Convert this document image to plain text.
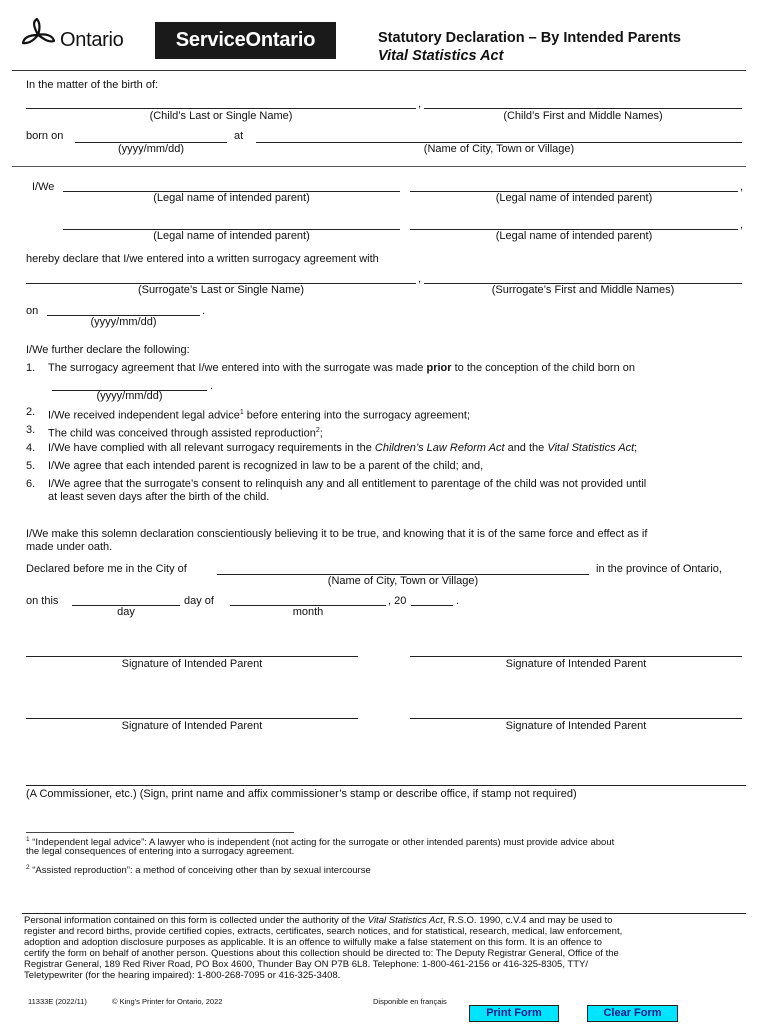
Ontario	ServiceOntario	Statutory Declaration – By Intended Parents
Vital Statistics Act
In the matter of the birth of:
,
(Child’s Last or Single Name)	(Child’s First and Middle Names)
born on	at
(yyyy/mm/dd)	(Name of City, Town or Village)
I/We	,
(Legal name of intended parent)	(Legal name of intended parent)
,
(Legal name of intended parent)	(Legal name of intended parent)
hereby declare that I/we entered into a written surrogacy agreement with
,
(Surrogate’s Last or Single Name)	(Surrogate’s First and Middle Names)
on	.
(yyyy/mm/dd)
I/We further declare the following:
1. The surrogacy agreement that I/we entered into with the surrogate was made prior to the conception of the child born on
.
(yyyy/mm/dd)
2. I/We received independent legal advice$^1$ before entering into the surrogacy agreement;
3. The child was conceived through assisted reproduction$^2$;
4. I/We have complied with all relevant surrogacy requirements in the Children’s Law Reform Act and the Vital Statistics Act;
5. I/We agree that each intended parent is recognized in law to be a parent of the child; and,
6. I/We agree that the surrogate’s consent to relinquish any and all entitlement to parentage of the child was not provided until
at least seven days after the birth of the child.
I/We make this solemn declaration conscientiously believing it to be true, and knowing that it is of the same force and effect as if
made under oath.
Declared before me in the City of	in the province of Ontario,
(Name of City, Town or Village)
on this	day of	, 20	.
day	month
Signature of Intended Parent	Signature of Intended Parent
Signature of Intended Parent	Signature of Intended Parent
(A Commissioner, etc.) (Sign, print name and affix commissioner’s stamp or describe office, if stamp not required)
$^1$ “Independent legal advice”: A lawyer who is independent (not acting for the surrogate or other intended parents) must provide advice about
the legal consequences of entering into a surrogacy agreement.
$^2$ “Assisted reproduction”: a method of conceiving other than by sexual intercourse
Personal information contained on this form is collected under the authority of the Vital Statistics Act, R.S.O. 1990, c.V.4 and may be used to
register and record births, provide certified copies, extracts, certificates, search notices, and for statistical, research, medical, law enforcement,
adoption and adoption disclosure purposes as applicable. It is an offence to wilfully make a false statement on this form. It is an offence to
certify the form on behalf of another person. Questions about this collection should be directed to: The Deputy Registrar General, Office of the
Registrar General, 189 Red River Road, PO Box 4600, Thunder Bay ON P7B 6L8. Telephone: 1-800-461-2156 or 416-325-8305, TTY/
Teletypewriter (for the hearing impaired): 1-800-268-7095 or 416-325-3408.
11333E (2022/11)	© King’s Printer for Ontario, 2022	Disponible en français
Print Form	Clear Form
